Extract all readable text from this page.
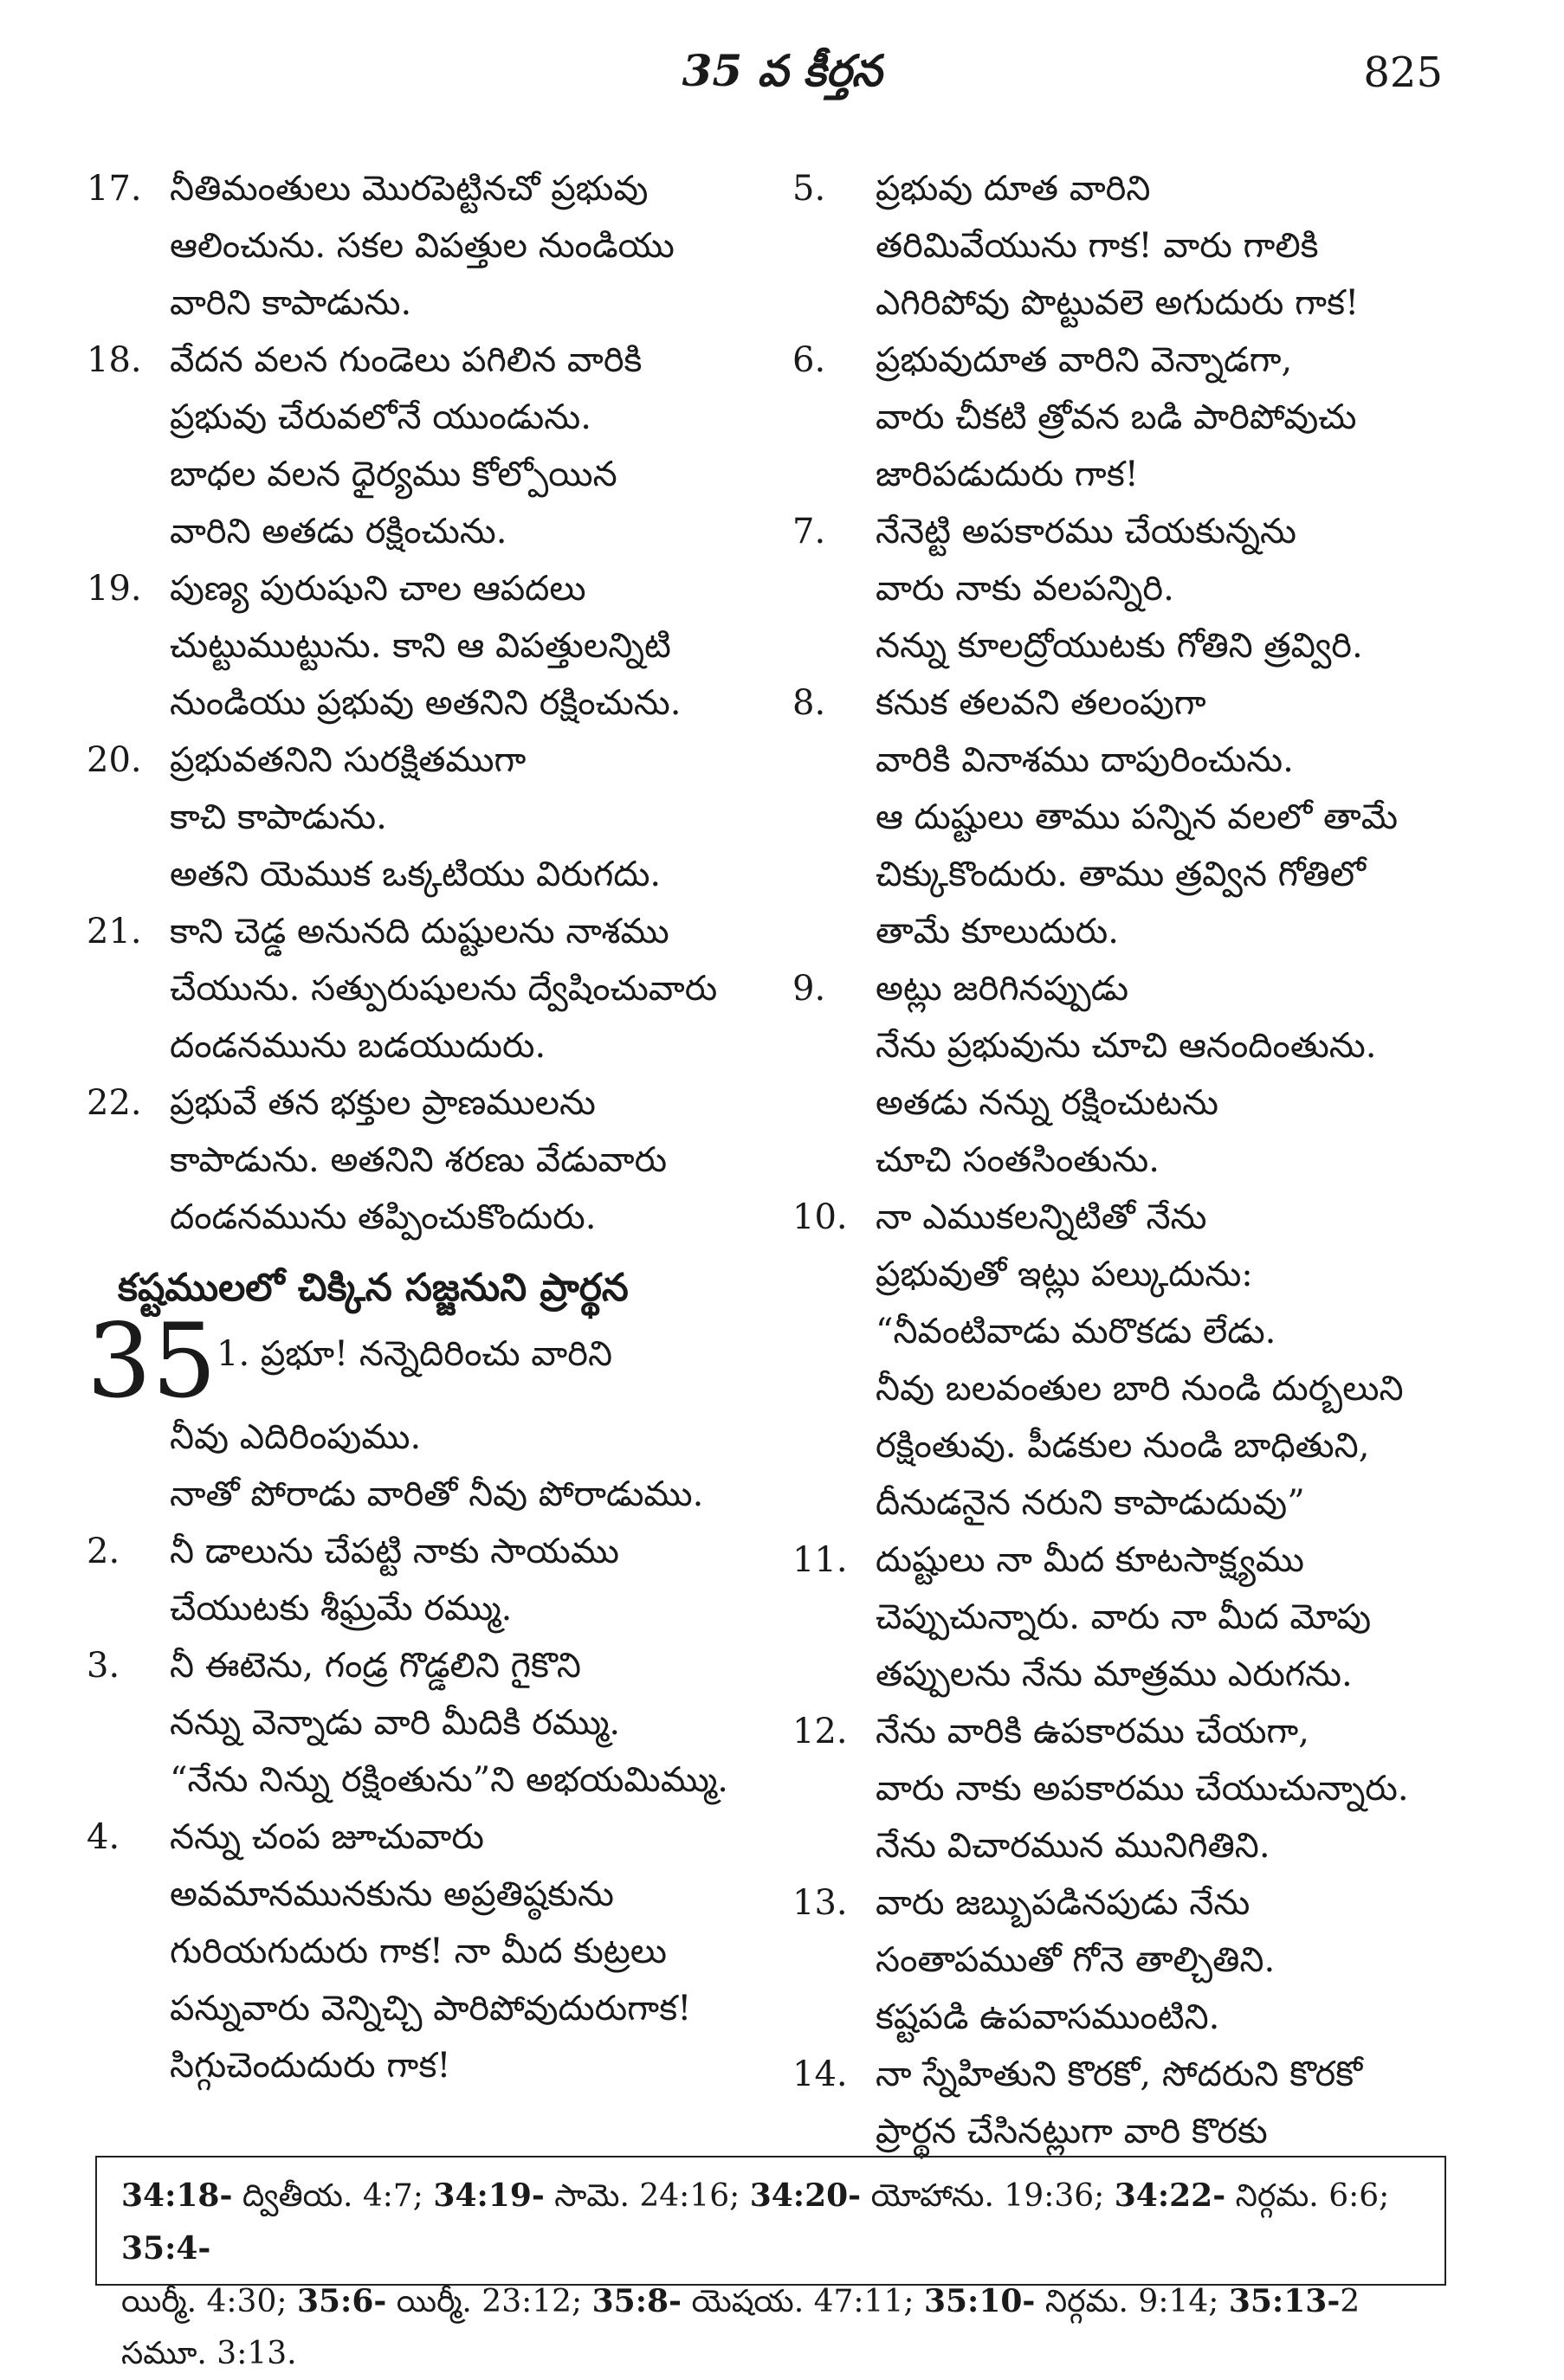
35 వ కీర్తన	825
17. నీతిమంతులు మొరపెట్టినచో ప్రభువు
ఆలించును. సకల విపత్తుల నుండియు
వారిని కాపాడును.
18. వేదన వలన గుండెలు పగిలిన వారికి
ప్రభువు చేరువలోనే యుండును.
బాధల వలన ధైర్యము కోల్పోయిన
వారిని అతడు రక్షించును.
19. పుణ్య పురుషుని చాల ఆపదలు
చుట్టుముట్టును. కాని ఆ విపత్తులన్నిటి
నుండియు ప్రభువు అతనిని రక్షించును.
20. ప్రభువతనిని సురక్షితముగా
కాచి కాపాడును.
అతని యెముక ఒక్కటియు విరుగదు.
21. కాని చెడ్డ అనునది దుష్టులను నాశము
చేయును. సత్పురుషులను ద్వేషించువారు
దండనమును బడయుదురు.
22. ప్రభువే తన భక్తుల ప్రాణములను
కాపాడును. అతనిని శరణు వేడువారు
దండనమును తప్పించుకొందురు.
కష్టములలో చిక్కిన సజ్జనుని ప్రార్థన
35 1. ప్రభూ! నన్నెదిరించు వారిని
నీవు ఎదిరింపుము.
నాతో పోరాడు వారితో నీవు పోరాడుము.
2.	నీ డాలును చేపట్టి నాకు సాయము
చేయుటకు శీఘ్రమే రమ్ము.
3.	నీ ఈటెను, గండ్ర గొడ్డలిని గైకొని
నన్ను వెన్నాడు వారి మీదికి రమ్ము.
“నేను నిన్ను రక్షింతును”ని అభయమిమ్ము.
4.	నన్ను చంప జూచువారు
అవమానమునకును అప్రతిష్ఠకును
గురియగుదురు గాక! నా మీద కుట్రలు
పన్నువారు వెన్నిచ్చి పారిపోవుదురుగాక!
సిగ్గుచెందుదురు గాక!
5.	ప్రభువు దూత వారిని
తరిమివేయును గాక! వారు గాలికి
ఎగిరిపోవు పొట్టువలె అగుదురు గాక!
6.	ప్రభువుదూత వారిని వెన్నాడగా,
వారు చీకటి త్రోవన బడి పారిపోవుచు
జారిపడుదురు గాక!
7.	నేనెట్టి అపకారము చేయకున్నను
వారు నాకు వలపన్నిరి.
నన్ను కూలద్రోయుటకు గోతిని త్రవ్విరి.
8.	కనుక తలవని తలంపుగా
వారికి వినాశము దాపురించును.
ఆ దుష్టులు తాము పన్నిన వలలో తామే
చిక్కుకొందురు. తాము త్రవ్విన గోతిలో
తామే కూలుదురు.
9.	అట్లు జరిగినప్పుడు
నేను ప్రభువును చూచి ఆనందింతును.
అతడు నన్ను రక్షించుటను
చూచి సంతసింతును.
10. నా ఎముకలన్నిటితో నేను
ప్రభువుతో ఇట్లు పల్కుదును:
“నీవంటివాడు మరొకడు లేడు.
నీవు బలవంతుల బారి నుండి దుర్బలుని
రక్షింతువు. పీడకుల నుండి బాధితుని,
దీనుడనైన నరుని కాపాడుదువు”
11. దుష్టులు నా మీద కూటసాక్ష్యము
చెప్పుచున్నారు. వారు నా మీద మోపు
తప్పులను నేను మాత్రము ఎరుగను.
12. నేను వారికి ఉపకారము చేయగా,
వారు నాకు అపకారము చేయుచున్నారు.
నేను విచారమున మునిగితిని.
13. వారు జబ్బుపడినపుడు నేను
సంతాపముతో గోనె తాల్చితిని.
కష్టపడి ఉపవాసముంటిని.
14. నా స్నేహితుని కొరకో, సోదరుని కొరకో
ప్రార్థన చేసినట్లుగా వారి కొరకు
34:18- ద్వితీయ. 4:7; 34:19- సామె. 24:16; 34:20- యోహాను. 19:36; 34:22- నిర్గమ. 6:6; 35:4-
యిర్మీ. 4:30; 35:6- యిర్మీ. 23:12; 35:8- యెషయ. 47:11; 35:10- నిర్గమ. 9:14; 35:13-2 సమూ. 3:13.
